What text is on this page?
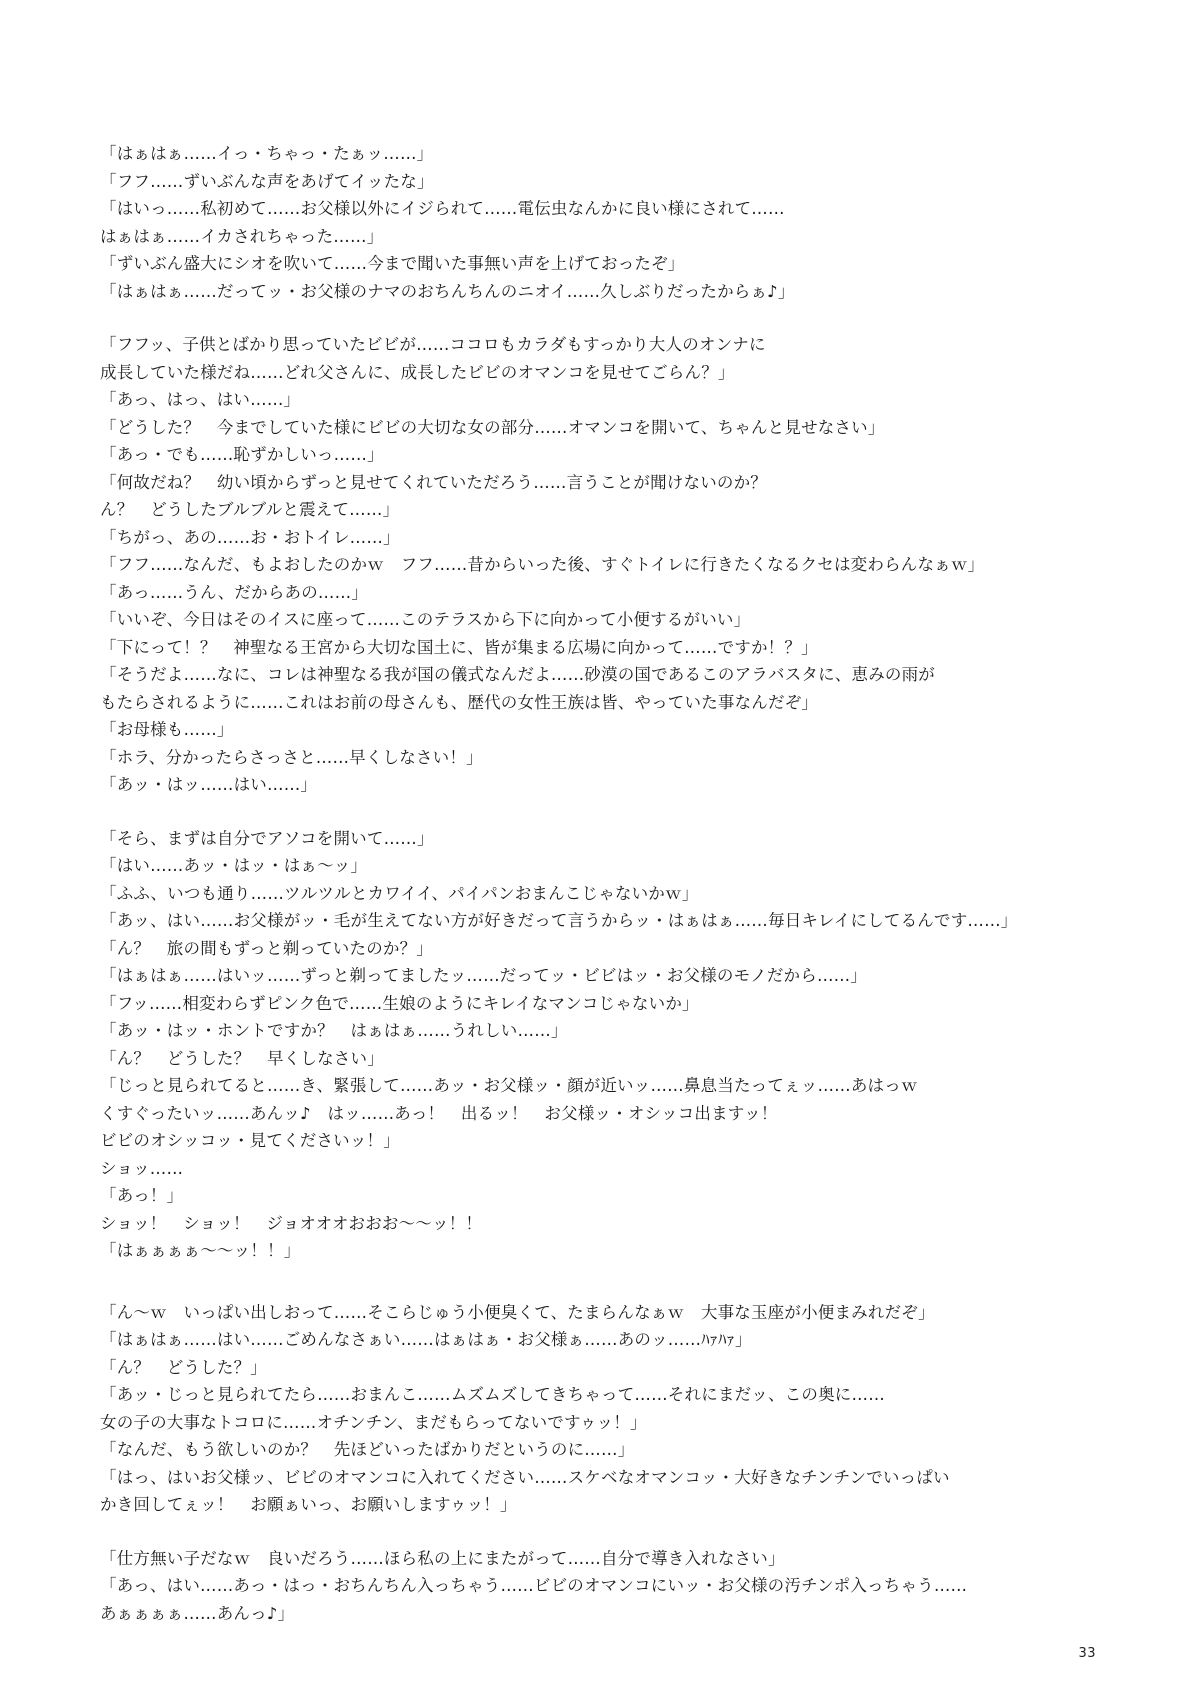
「はぁはぁ……イっ・ちゃっ・たぁッ……」
「フフ……ずいぶんな声をあげてイッたな」
「はいっ……私初めて……お父様以外にイジられて……電伝虫なんかに良い様にされて……
はぁはぁ……イカされちゃった……」
「ずいぶん盛大にシオを吹いて……今まで聞いた事無い声を上げておったぞ」
「はぁはぁ……だってッ・お父様のナマのおちんちんのニオイ……久しぶりだったからぁ♪」
「フフッ、子供とばかり思っていたビビが……ココロもカラダもすっかり大人のオンナに
成長していた様だね……どれ父さんに、成長したビビのオマンコを見せてごらん？」
「あっ、はっ、はい……」
「どうした？　今までしていた様にビビの大切な女の部分……オマンコを開いて、ちゃんと見せなさい」
「あっ・でも……恥ずかしいっ……」
「何故だね？　幼い頃からずっと見せてくれていただろう……言うことが聞けないのか？
ん？　どうしたブルブルと震えて……」
「ちがっ、あの……お・おトイレ……」
「フフ……なんだ、もよおしたのかｗ　フフ……昔からいった後、すぐトイレに行きたくなるクセは変わらんなぁｗ」
「あっ……うん、だからあの……」
「いいぞ、今日はそのイスに座って……このテラスから下に向かって小便するがいい」
「下にって！？　神聖なる王宮から大切な国土に、皆が集まる広場に向かって……ですか！？」
「そうだよ……なに、コレは神聖なる我が国の儀式なんだよ……砂漠の国であるこのアラバスタに、恵みの雨が
もたらされるように……これはお前の母さんも、歴代の女性王族は皆、やっていた事なんだぞ」
「お母様も……」
「ホラ、分かったらさっさと……早くしなさい！」
「あッ・はッ……はい……」
「そら、まずは自分でアソコを開いて……」
「はい……あッ・はッ・はぁ～ッ」
「ふふ、いつも通り……ツルツルとカワイイ、パイパンおまんこじゃないかｗ」
「あッ、はい……お父様がッ・毛が生えてない方が好きだって言うからッ・はぁはぁ……毎日キレイにしてるんです……」
「ん？　旅の間もずっと剃っていたのか？」
「はぁはぁ……はいッ……ずっと剃ってましたッ……だってッ・ビビはッ・お父様のモノだから……」
「フッ……相変わらずピンク色で……生娘のようにキレイなマンコじゃないか」
「あッ・はッ・ホントですか？　はぁはぁ……うれしい……」
「ん？　どうした？　早くしなさい」
「じっと見られてると……き、緊張して……あッ・お父様ッ・顔が近いッ……鼻息当たってぇッ……あはっｗ
くすぐったいッ……あんッ♪　はッ……あっ！　出るッ！　お父様ッ・オシッコ出ますッ！
ビビのオシッコッ・見てくださいッ！」
ショッ……
「あっ！」
ショッ！　ショッ！　ジョオオオおおお～～ッ！！
「はぁぁぁぁ～～ッ！！」
「ん～ｗ　いっぱい出しおって……そこらじゅう小便臭くて、たまらんなぁｗ　大事な玉座が小便まみれだぞ」
「はぁはぁ……はい……ごめんなさぁい……はぁはぁ・お父様ぁ……あのッ……ﾊｧﾊｧ」
「ん？　どうした？」
「あッ・じっと見られてたら……おまんこ……ムズムズしてきちゃって……それにまだッ、この奥に……
女の子の大事なトコロに……オチンチン、まだもらってないですゥッ！」
「なんだ、もう欲しいのか？　先ほどいったばかりだというのに……」
「はっ、はいお父様ッ、ビビのオマンコに入れてください……スケベなオマンコッ・大好きなチンチンでいっぱい
かき回してぇッ！　お願ぁいっ、お願いしますゥッ！」
「仕方無い子だなｗ　良いだろう……ほら私の上にまたがって……自分で導き入れなさい」
「あっ、はい……あっ・はっ・おちんちん入っちゃう……ビビのオマンコにいッ・お父様の汚チンポ入っちゃう……
あぁぁぁぁ……あんっ♪」
33
